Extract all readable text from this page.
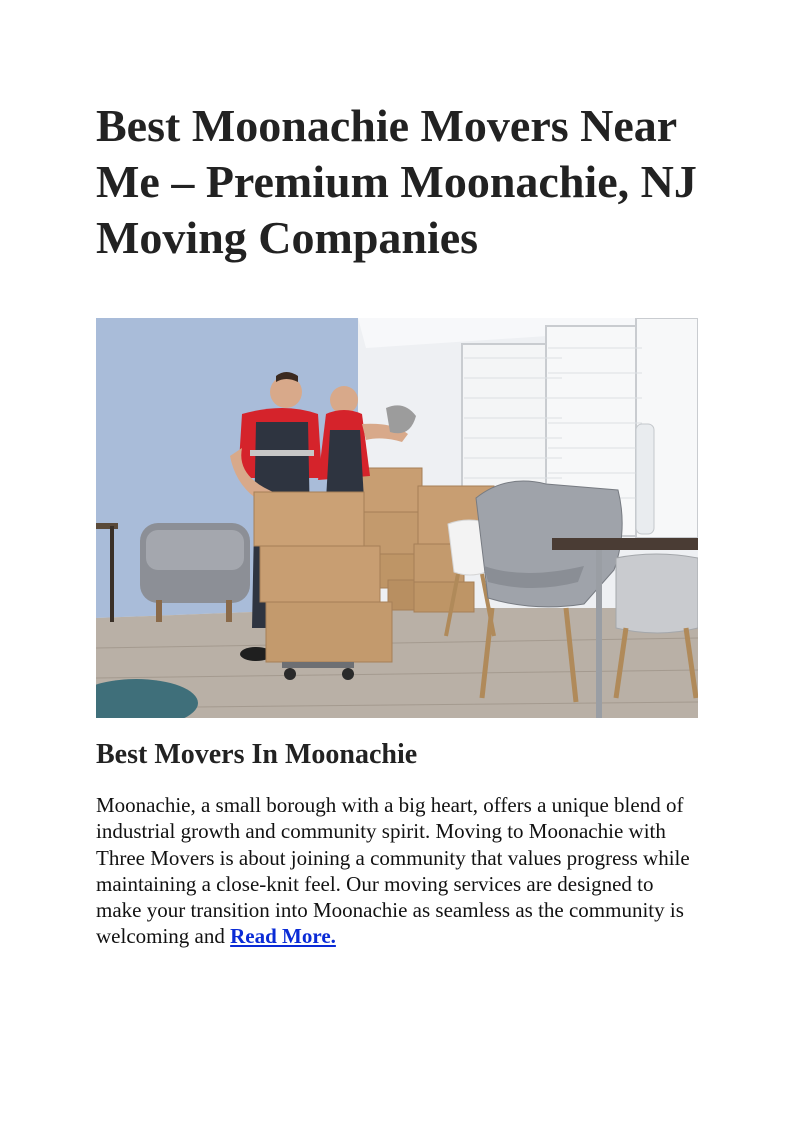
Best Moonachie Movers Near Me – Premium Moonachie, NJ Moving Companies
Best Movers In Moonachie

Moonachie, a small borough with a big heart, offers a unique blend of industrial growth and community spirit. Moving to Moonachie with Three Movers is about joining a community that values progress while maintaining a close-knit feel. Our moving services are designed to make your transition into Moonachie as seamless as the community is welcoming and Read More.
